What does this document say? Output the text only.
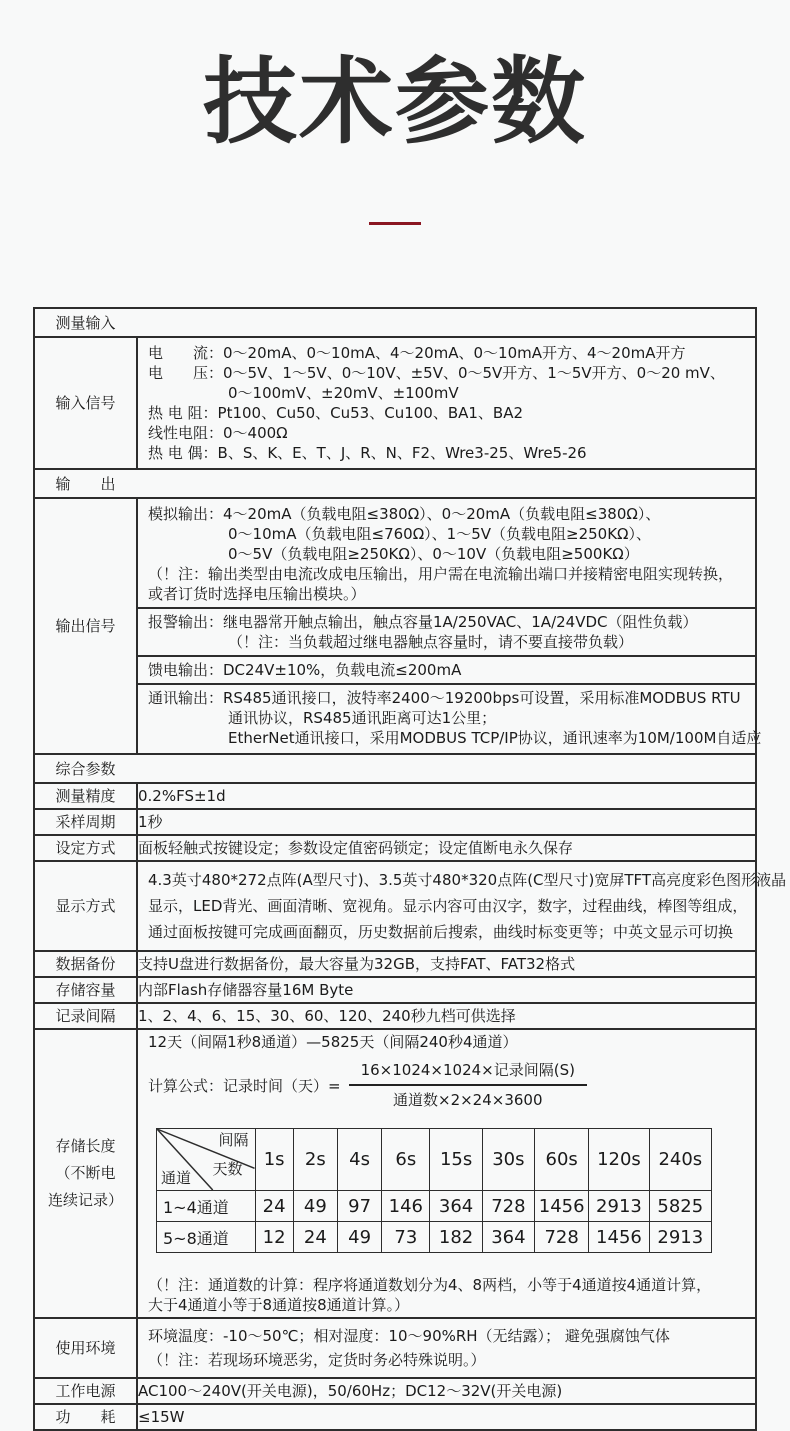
技术参数
测量输入
输入信号	
电　　流：0～20mA、0～10mA、4～20mA、0～10mA开方、4～20mA开方
电　　压：0～5V、1～5V、0～10V、±5V、0～5V开方、1～5V开方、0～20 mV、
0～100mV、±20mV、±100mV
热 电 阻：Pt100、Cu50、Cu53、Cu100、BA1、BA2
线性电阻：0～400Ω
热 电 偶：B、S、K、E、T、J、R、N、F2、Wre3-25、Wre5-26

输　　出
输出信号	
模拟输出：4～20mA（负载电阻≤380Ω）、0～20mA（负载电阻≤380Ω）、
0～10mA（负载电阻≤760Ω）、1～5V（负载电阻≥250KΩ）、
0～5V（负载电阻≥250KΩ）、0～10V（负载电阻≥500KΩ）
（！注：输出类型由电流改成电压输出，用户需在电流输出端口并接精密电阻实现转换，
或者订货时选择电压输出模块。）
报警输出：继电器常开触点输出，触点容量1A/250VAC、1A/24VDC（阻性负载）
（！注：当负载超过继电器触点容量时，请不要直接带负载）
馈电输出：DC24V±10%，负载电流≤200mA
通讯输出：RS485通讯接口，波特率2400～19200bps可设置，采用标准MODBUS RTU
通讯协议，RS485通讯距离可达1公里；
EtherNet通讯接口，采用MODBUS TCP/IP协议，通讯速率为10M/100M自适应

综合参数
测量精度	0.2%FS±1d
采样周期	1秒
设定方式	面板轻触式按键设定；参数设定值密码锁定；设定值断电永久保存
显示方式	
4.3英寸480*272点阵(A型尺寸)、3.5英寸480*320点阵(C型尺寸)宽屏TFT高亮度彩色图形液晶
显示，LED背光、画面清晰、宽视角。显示内容可由汉字，数字，过程曲线，棒图等组成，
通过面板按键可完成画面翻页，历史数据前后搜索，曲线时标变更等；中英文显示可切换

数据备份	支持U盘进行数据备份，最大容量为32GB，支持FAT、FAT32格式
存储容量	内部Flash存储器容量16M Byte
记录间隔	1、2、4、6、15、30、60、120、240秒九档可供选择

存储长度
（不断电
连续记录）

12天（间隔1秒8通道）—5825天（间隔240秒4通道）
计算公式：记录时间（天）= $\frac{\text{16×1024×1024×记录间隔(S)}}{\text{通道数×2×24×3600}}$
间隔
天数
通道
	1s	2s	4s	6s	15s	30s	60s	120s	240s
1~4通道	24	49	97	146	364	728	1456	2913	5825
5~8通道	12	24	49	73	182	364	728	1456	2913
（！注：通道数的计算：程序将通道数划分为4、8两档，小等于4通道按4通道计算，
大于4通道小等于8通道按8通道计算。）

使用环境	
环境温度：-10～50℃；相对湿度：10～90%RH（无结露）； 避免强腐蚀气体
（！注：若现场环境恶劣，定货时务必特殊说明。）

工作电源	AC100～240V(开关电源)，50/60Hz；DC12～32V(开关电源)
功　　耗	≤15W
